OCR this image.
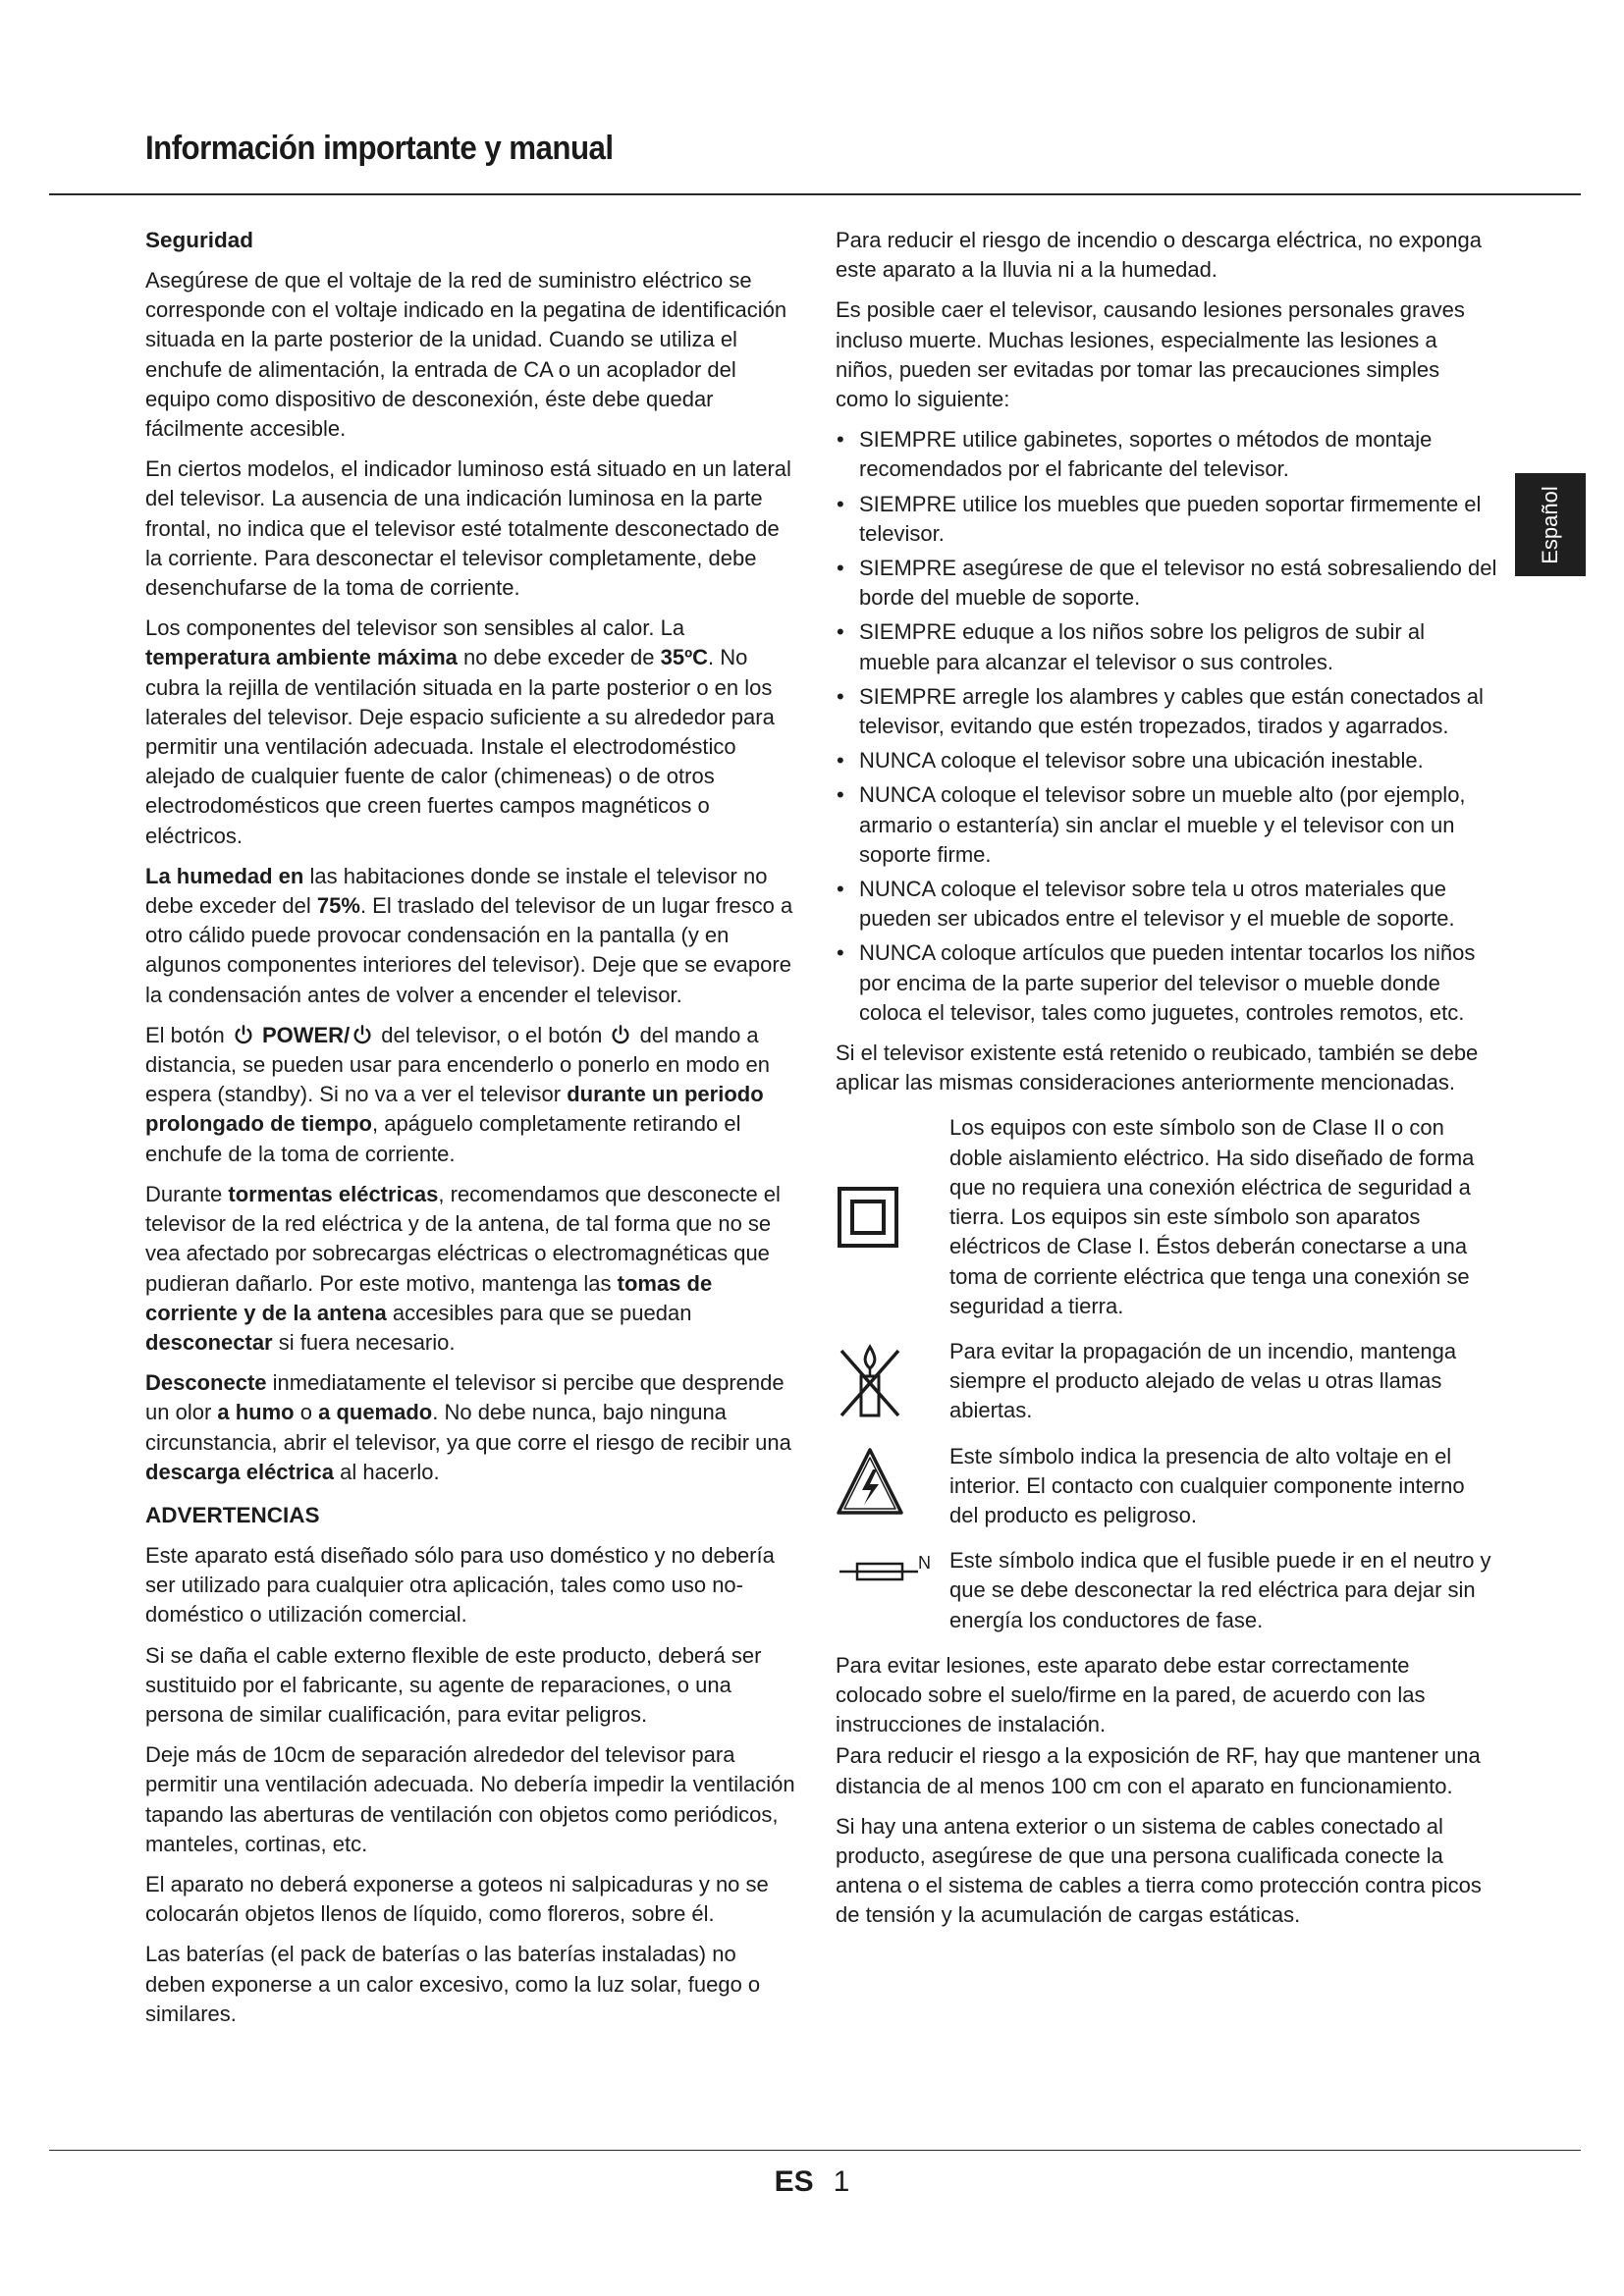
Información importante y manual
Español
Seguridad

Asegúrese de que el voltaje de la red de suministro eléctrico se corresponde con el voltaje indicado en la pegatina de identificación situada en la parte posterior de la unidad. Cuando se utiliza el enchufe de alimentación, la entrada de CA o un acoplador del equipo como dispositivo de desconexión, éste debe quedar fácilmente accesible.

En ciertos modelos, el indicador luminoso está situado en un lateral del televisor. La ausencia de una indicación luminosa en la parte frontal, no indica que el televisor esté totalmente desconectado de la corriente. Para desconectar el televisor completamente, debe desenchufarse de la toma de corriente.

Los componentes del televisor son sensibles al calor. La temperatura ambiente máxima no debe exceder de 35ºC. No cubra la rejilla de ventilación situada en la parte posterior o en los laterales del televisor. Deje espacio suficiente a su alrededor para permitir una ventilación adecuada. Instale el electrodoméstico alejado de cualquier fuente de calor (chimeneas) o de otros electrodomésticos que creen fuertes campos magnéticos o eléctricos.

La humedad en las habitaciones donde se instale el televisor no debe exceder del 75%. El traslado del televisor de un lugar fresco a otro cálido puede provocar condensación en la pantalla (y en algunos componentes interiores del televisor). Deje que se evapore la condensación antes de volver a encender el televisor.

El botón  POWER/ del televisor, o el botón  del mando a distancia, se pueden usar para encenderlo o ponerlo en modo en espera (standby). Si no va a ver el televisor durante un periodo prolongado de tiempo, apáguelo completamente retirando el enchufe de la toma de corriente.

Durante tormentas eléctricas, recomendamos que desconecte el televisor de la red eléctrica y de la antena, de tal forma que no se vea afectado por sobrecargas eléctricas o electromagnéticas que pudieran dañarlo. Por este motivo, mantenga las tomas de corriente y de la antena accesibles para que se puedan desconectar si fuera necesario.

Desconecte inmediatamente el televisor si percibe que desprende un olor a humo o a quemado. No debe nunca, bajo ninguna circunstancia, abrir el televisor, ya que corre el riesgo de recibir una descarga eléctrica al hacerlo.

ADVERTENCIAS

Este aparato está diseñado sólo para uso doméstico y no debería ser utilizado para cualquier otra aplicación, tales como uso no-doméstico o utilización comercial.

Si se daña el cable externo flexible de este producto, deberá ser sustituido por el fabricante, su agente de reparaciones, o una persona de similar cualificación, para evitar peligros.

Deje más de 10cm de separación alrededor del televisor para permitir una ventilación adecuada. No debería impedir la ventilación tapando las aberturas de ventilación con objetos como periódicos, manteles, cortinas, etc.

El aparato no deberá exponerse a goteos ni salpicaduras y no se colocarán objetos llenos de líquido, como floreros, sobre él.

Las baterías (el pack de baterías o las baterías instaladas) no deben exponerse a un calor excesivo, como la luz solar, fuego o similares.

Para reducir el riesgo de incendio o descarga eléctrica, no exponga este aparato a la lluvia ni a la humedad.

Es posible caer el televisor, causando lesiones personales graves incluso muerte. Muchas lesiones, especialmente las lesiones a niños, pueden ser evitadas por tomar las precauciones simples como lo siguiente:

• SIEMPRE utilice gabinetes, soportes o métodos de montaje recomendados por el fabricante del televisor.
• SIEMPRE utilice los muebles que pueden soportar firmemente el televisor.
• SIEMPRE asegúrese de que el televisor no está sobresaliendo del borde del mueble de soporte.
• SIEMPRE eduque a los niños sobre los peligros de subir al mueble para alcanzar el televisor o sus controles.
• SIEMPRE arregle los alambres y cables que están conectados al televisor, evitando que estén tropezados, tirados y agarrados.
• NUNCA coloque el televisor sobre una ubicación inestable.
• NUNCA coloque el televisor sobre un mueble alto (por ejemplo, armario o estantería) sin anclar el mueble y el televisor con un soporte firme.
• NUNCA coloque el televisor sobre tela u otros materiales que pueden ser ubicados entre el televisor y el mueble de soporte.
• NUNCA coloque artículos que pueden intentar tocarlos los niños por encima de la parte superior del televisor o mueble donde coloca el televisor, tales como juguetes, controles remotos, etc.

Si el televisor existente está retenido o reubicado, también se debe aplicar las mismas consideraciones anteriormente mencionadas.

Los equipos con este símbolo son de Clase II o con doble aislamiento eléctrico. Ha sido diseñado de forma que no requiera una conexión eléctrica de seguridad a tierra. Los equipos sin este símbolo son aparatos eléctricos de Clase I. Éstos deberán conectarse a una toma de corriente eléctrica que tenga una conexión se seguridad a tierra.
Para evitar la propagación de un incendio, mantenga siempre el producto alejado de velas u otras llamas abiertas.
Este símbolo indica la presencia de alto voltaje en el interior. El contacto con cualquier componente interno del producto es peligroso.
N Este símbolo indica que el fusible puede ir en el neutro y que se debe desconectar la red eléctrica para dejar sin energía los conductores de fase.

Para evitar lesiones, este aparato debe estar correctamente colocado sobre el suelo/firme en la pared, de acuerdo con las instrucciones de instalación.

Para reducir el riesgo a la exposición de RF, hay que mantener una distancia de al menos 100 cm con el aparato en funcionamiento.

Si hay una antena exterior o un sistema de cables conectado al producto, asegúrese de que una persona cualificada conecte la antena o el sistema de cables a tierra como protección contra picos de tensión y la acumulación de cargas estáticas.

ES 1
